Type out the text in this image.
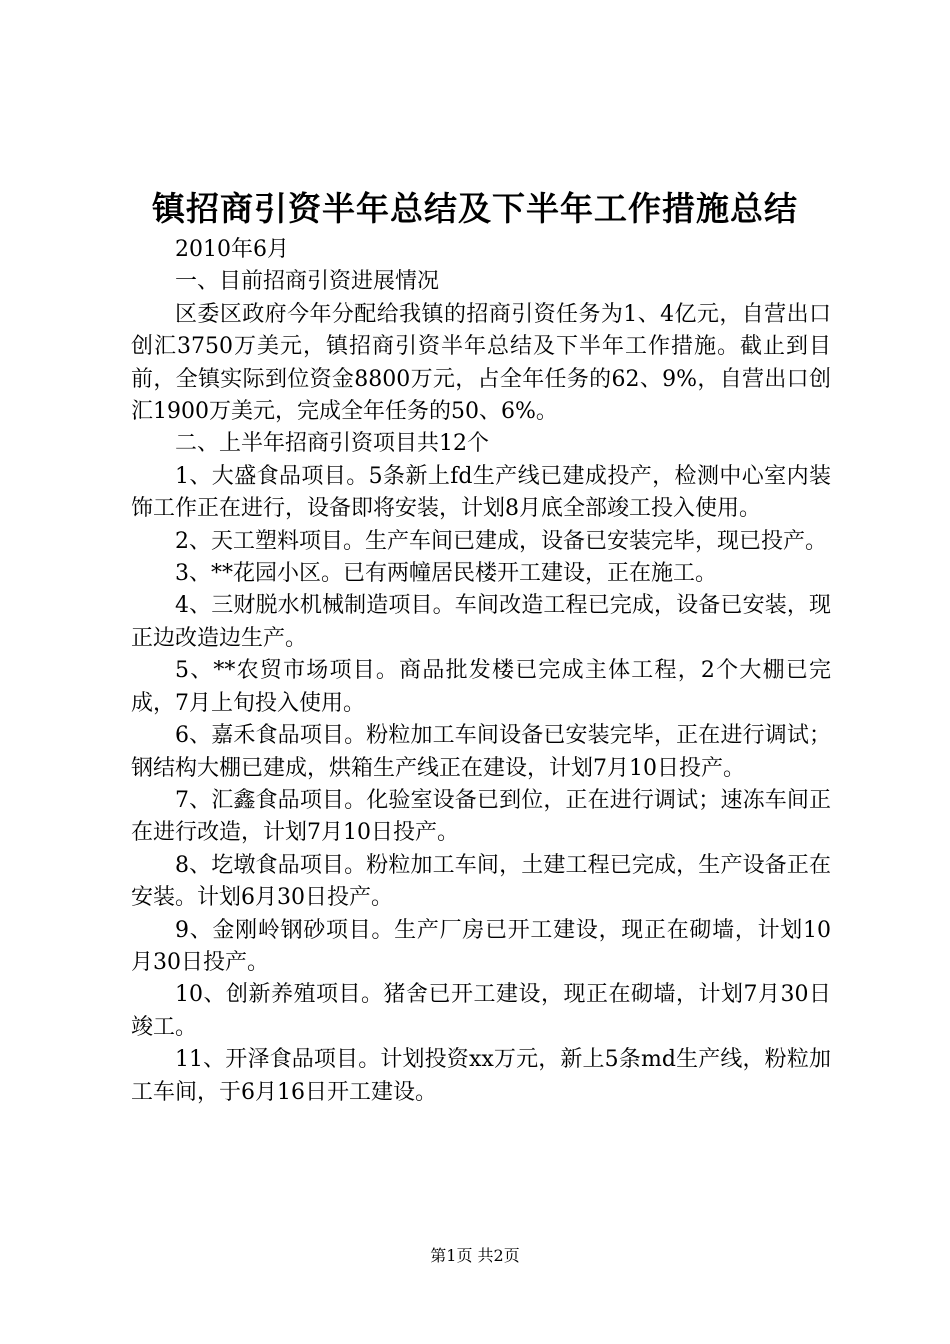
镇招商引资半年总结及下半年工作措施总结

2010年6月

一、目前招商引资进展情况

区委区政府今年分配给我镇的招商引资任务为1、4亿元，自营出口创汇3750万美元，镇招商引资半年总结及下半年工作措施。截止到目前，全镇实际到位资金8800万元，占全年任务的62、9%，自营出口创汇1900万美元，完成全年任务的50、6%。

二、上半年招商引资项目共12个

1、大盛食品项目。5条新上fd生产线已建成投产，检测中心室内装饰工作正在进行，设备即将安装，计划8月底全部竣工投入使用。

2、天工塑料项目。生产车间已建成，设备已安装完毕，现已投产。

3、**花园小区。已有两幢居民楼开工建设，正在施工。

4、三财脱水机械制造项目。车间改造工程已完成，设备已安装，现正边改造边生产。

5、**农贸市场项目。商品批发楼已完成主体工程，2个大棚已完成，7月上旬投入使用。

6、嘉禾食品项目。粉粒加工车间设备已安装完毕，正在进行调试；钢结构大棚已建成，烘箱生产线正在建设，计划7月10日投产。

7、汇鑫食品项目。化验室设备已到位，正在进行调试；速冻车间正在进行改造，计划7月10日投产。

8、圪墩食品项目。粉粒加工车间，土建工程已完成，生产设备正在安装。计划6月30日投产。

9、金刚岭钢砂项目。生产厂房已开工建设，现正在砌墙，计划10月30日投产。

10、创新养殖项目。猪舍已开工建设，现正在砌墙，计划7月30日竣工。

11、开泽食品项目。计划投资xx万元，新上5条md生产线，粉粒加工车间，于6月16日开工建设。

第1页 共2页
